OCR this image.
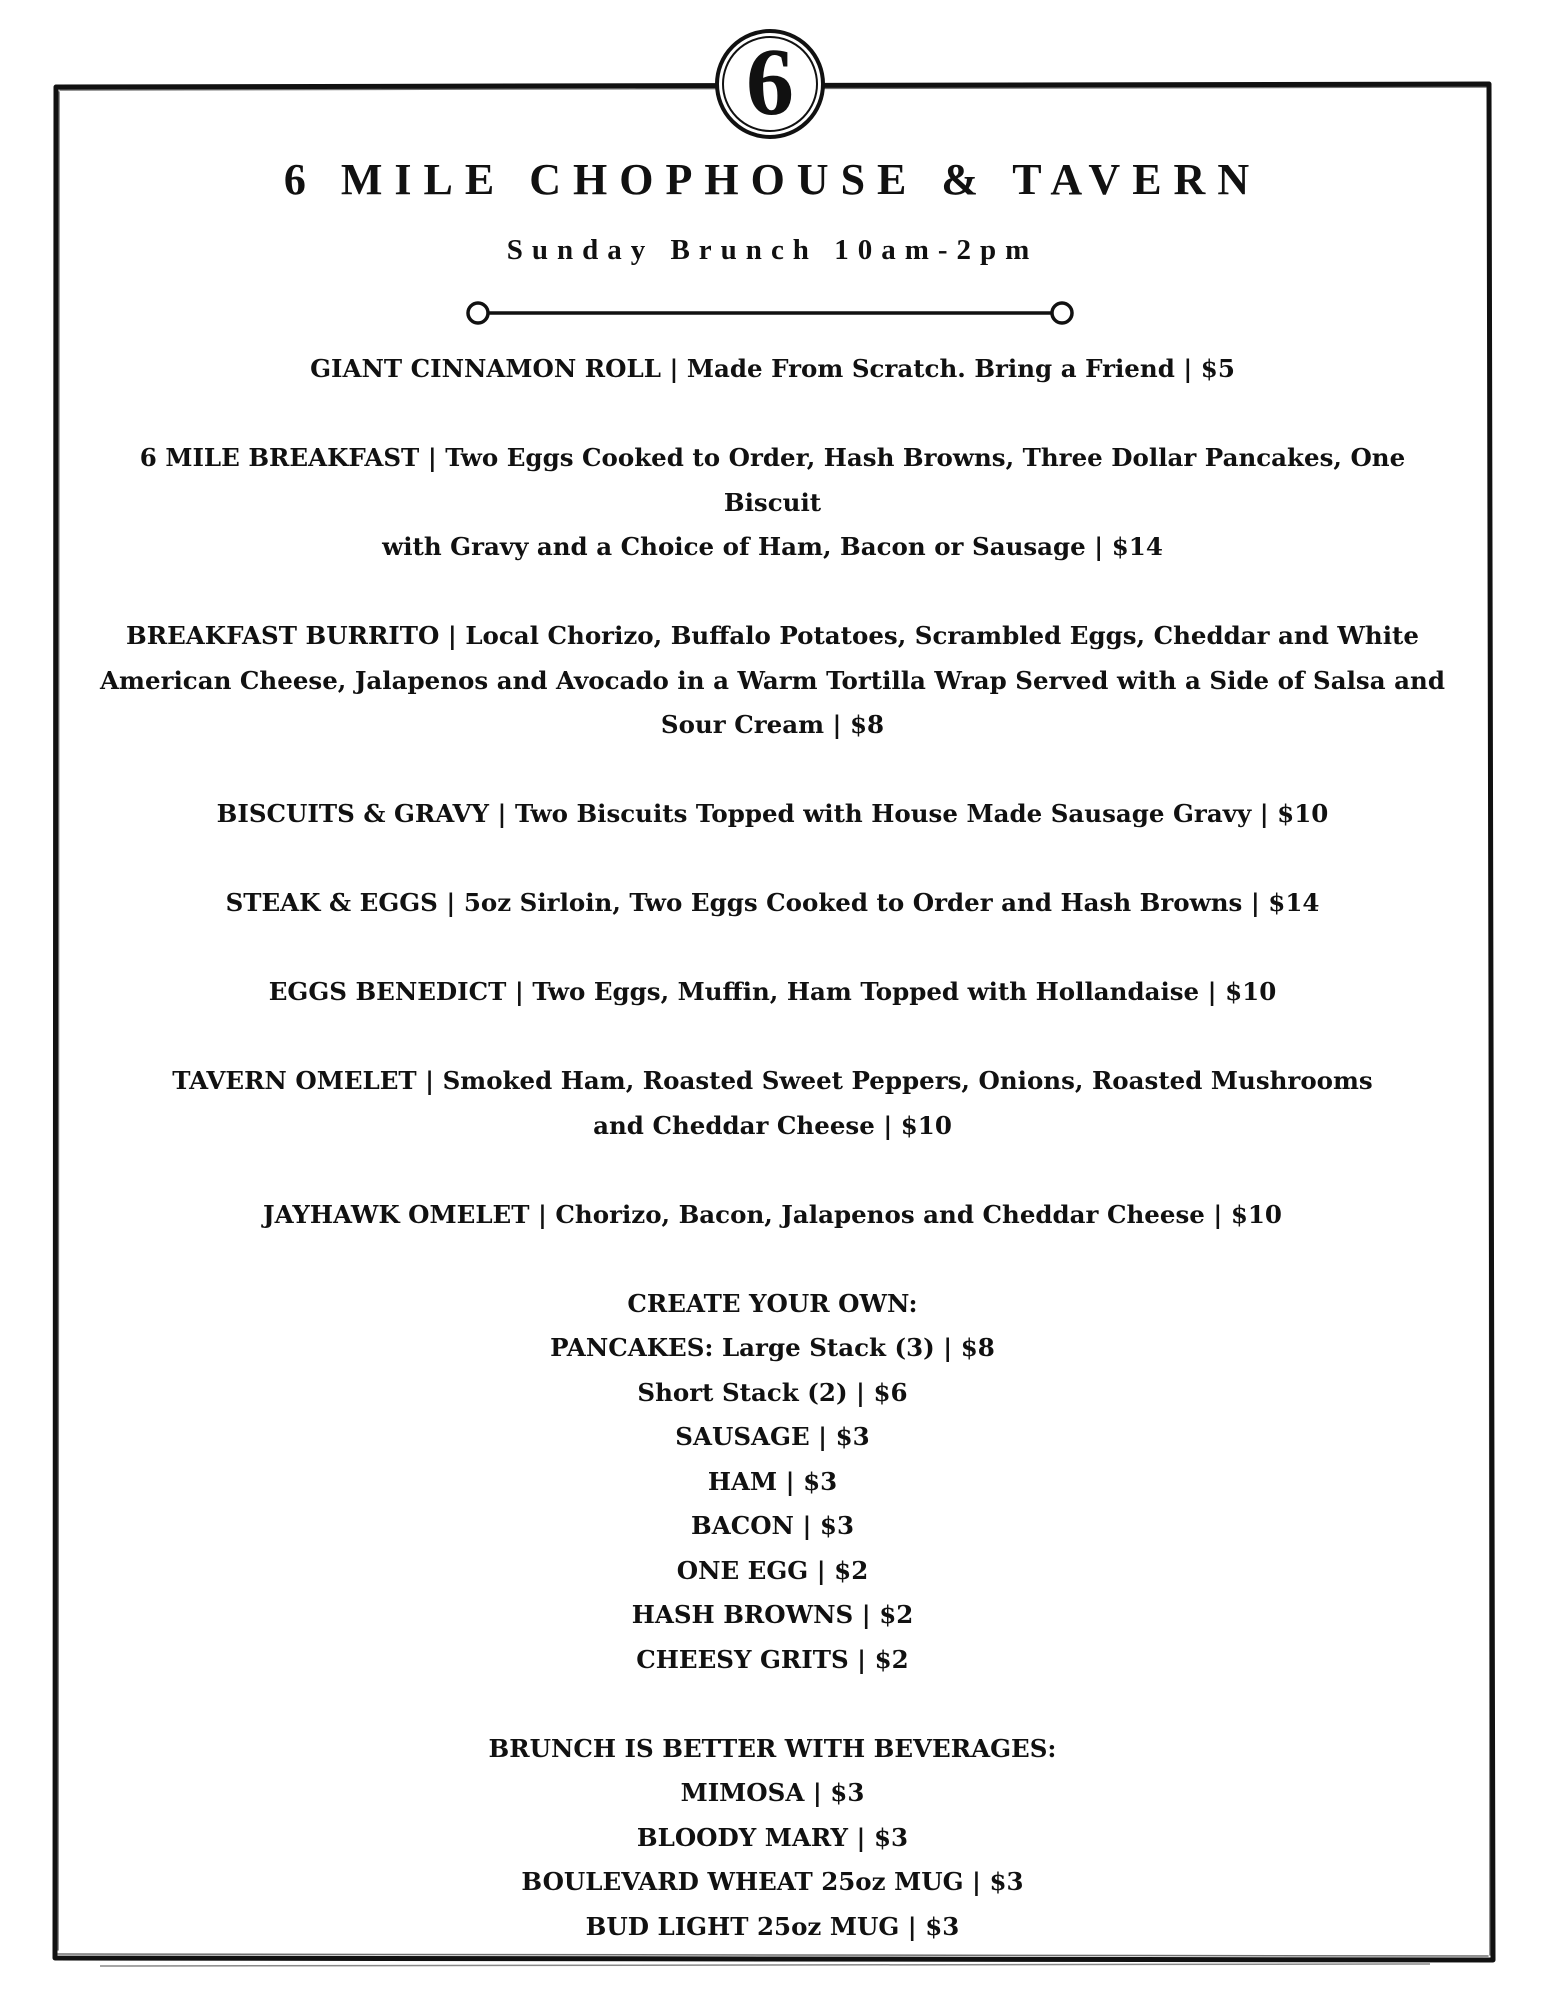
6
6 MILE CHOPHOUSE & TAVERN
Sunday Brunch 10am-2pm
GIANT CINNAMON ROLL | Made From Scratch. Bring a Friend | $5
6 MILE BREAKFAST | Two Eggs Cooked to Order, Hash Browns, Three Dollar Pancakes, One Biscuit
with Gravy and a Choice of Ham, Bacon or Sausage | $14
BREAKFAST BURRITO | Local Chorizo, Buffalo Potatoes, Scrambled Eggs, Cheddar and White
American Cheese, Jalapenos and Avocado in a Warm Tortilla Wrap Served with a Side of Salsa and
Sour Cream | $8
BISCUITS & GRAVY | Two Biscuits Topped with House Made Sausage Gravy | $10
STEAK & EGGS | 5oz Sirloin, Two Eggs Cooked to Order and Hash Browns | $14
EGGS BENEDICT | Two Eggs, Muffin, Ham Topped with Hollandaise | $10
TAVERN OMELET | Smoked Ham, Roasted Sweet Peppers, Onions, Roasted Mushrooms
and Cheddar Cheese | $10
JAYHAWK OMELET | Chorizo, Bacon, Jalapenos and Cheddar Cheese | $10
CREATE YOUR OWN:
PANCAKES: Large Stack (3) | $8
Short Stack (2) | $6
SAUSAGE | $3
HAM | $3
BACON | $3
ONE EGG | $2
HASH BROWNS | $2
CHEESY GRITS | $2
BRUNCH IS BETTER WITH BEVERAGES:
MIMOSA | $3
BLOODY MARY | $3
BOULEVARD WHEAT 25oz MUG | $3
BUD LIGHT 25oz MUG | $3
